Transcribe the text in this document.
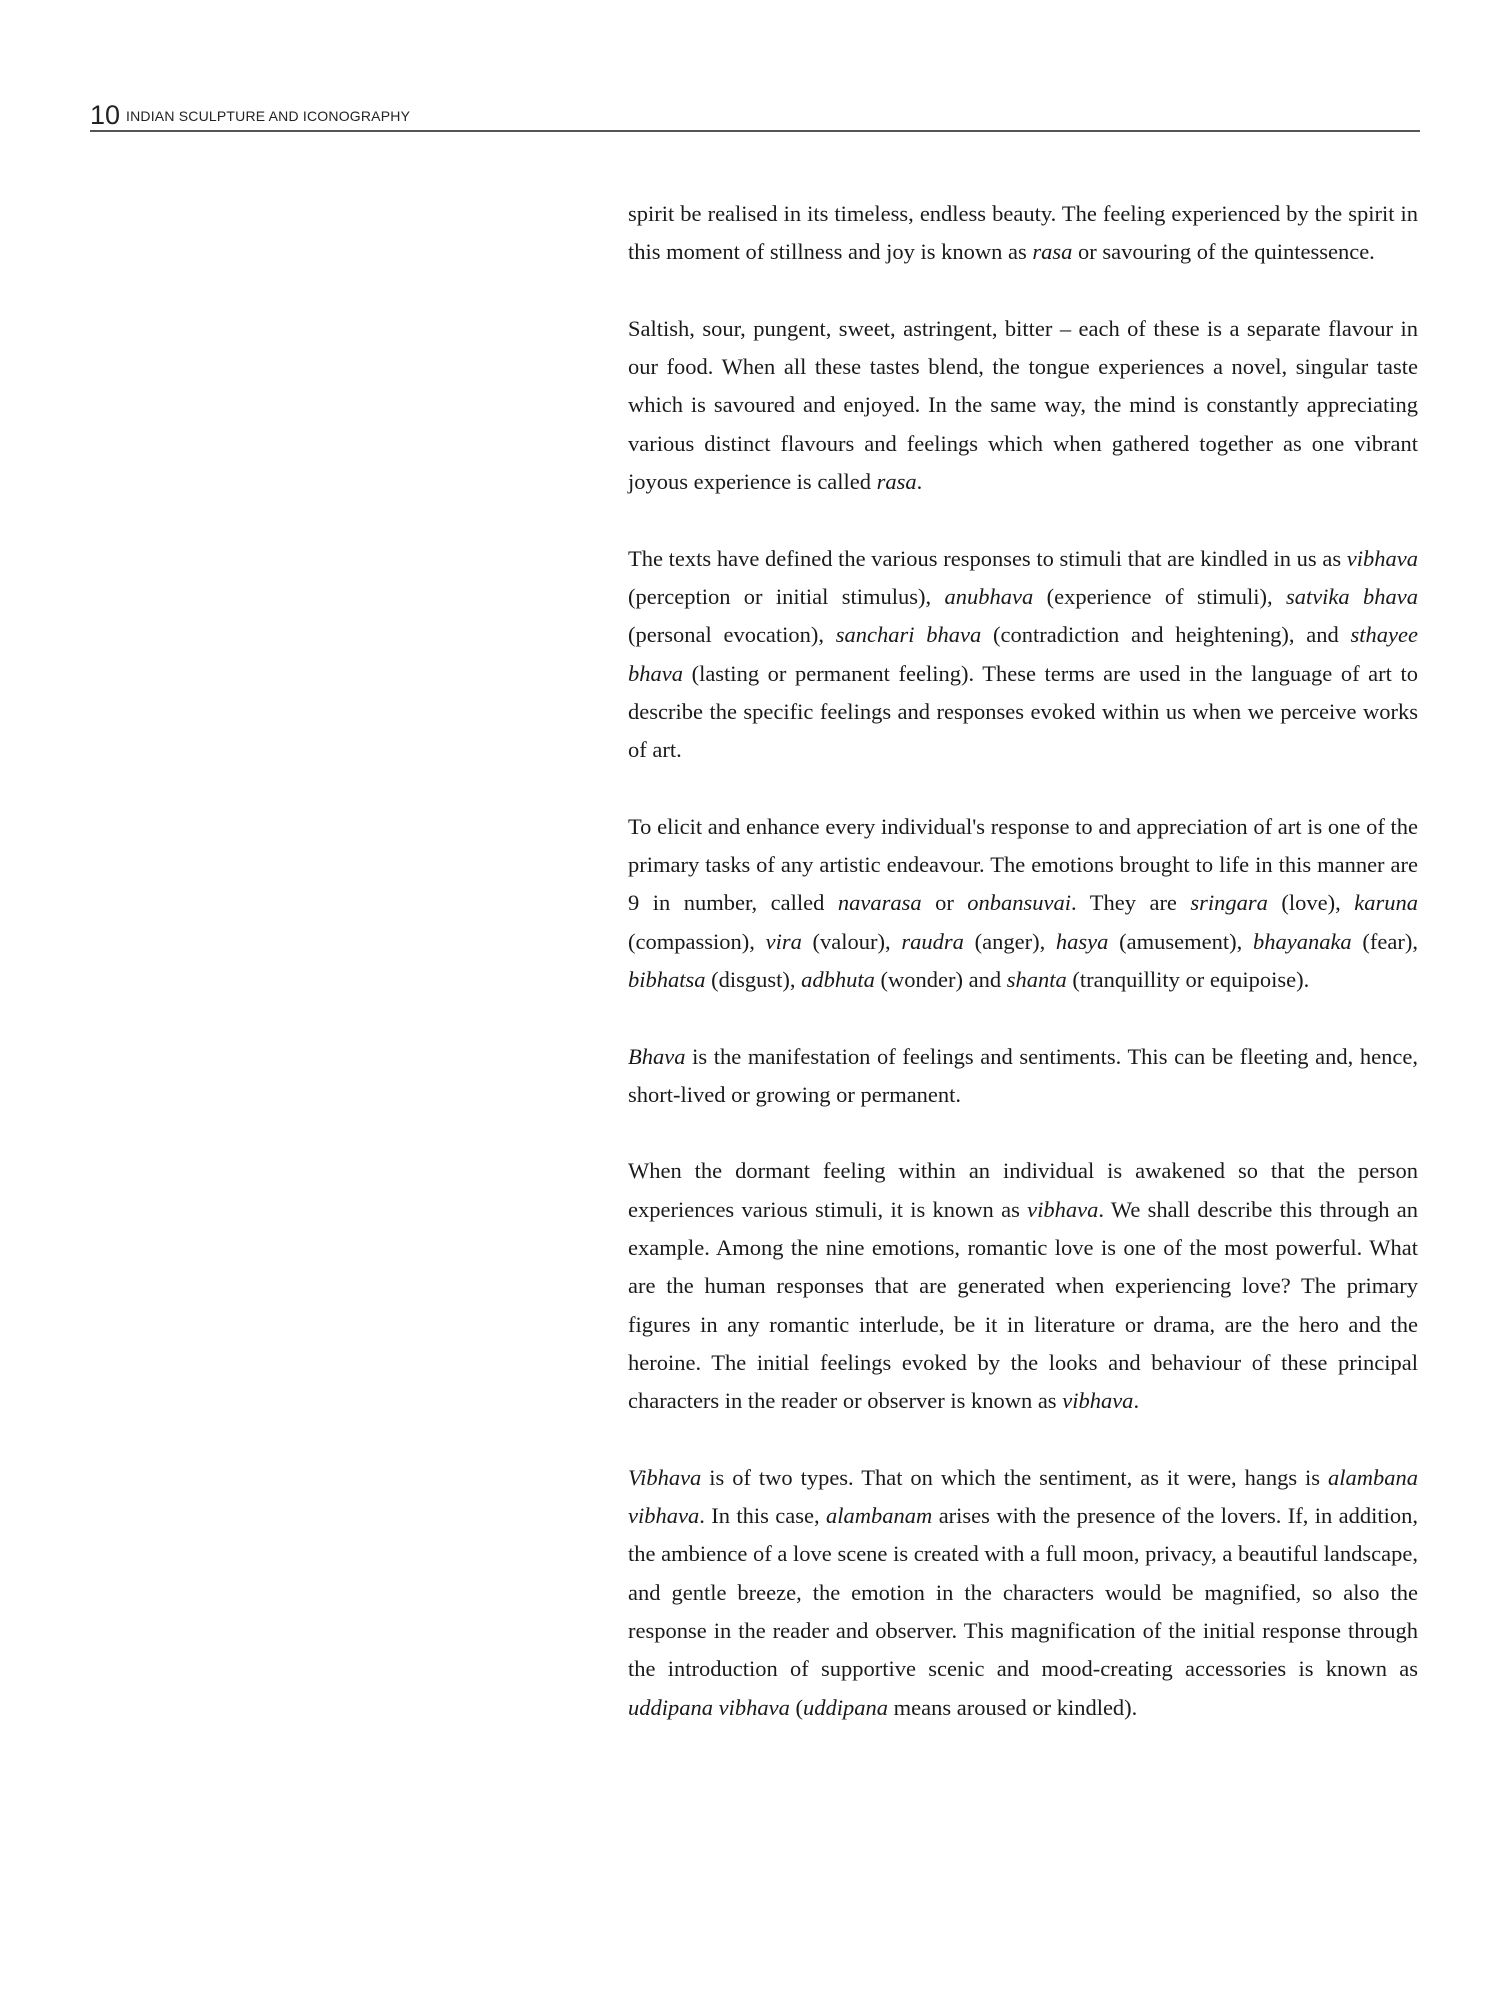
10 INDIAN SCULPTURE AND ICONOGRAPHY

spirit be realised in its timeless, endless beauty. The feeling experienced by the spirit in this moment of stillness and joy is known as rasa or savouring of the quintessence.

Saltish, sour, pungent, sweet, astringent, bitter – each of these is a separate flavour in our food. When all these tastes blend, the tongue experiences a novel, singular taste which is savoured and enjoyed. In the same way, the mind is constantly appreciating various distinct flavours and feelings which when gathered together as one vibrant joyous experience is called rasa.

The texts have defined the various responses to stimuli that are kindled in us as vibhava (perception or initial stimulus), anubhava (experience of stimuli), satvika bhava (personal evocation), sanchari bhava (contradiction and heightening), and sthayee bhava (lasting or permanent feeling). These terms are used in the language of art to describe the specific feelings and responses evoked within us when we perceive works of art.

To elicit and enhance every individual's response to and appreciation of art is one of the primary tasks of any artistic endeavour. The emotions brought to life in this manner are 9 in number, called navarasa or onbansuvai. They are sringara (love), karuna (compassion), vira (valour), raudra (anger), hasya (amusement), bhayanaka (fear), bibhatsa (disgust), adbhuta (wonder) and shanta (tranquillity or equipoise).

Bhava is the manifestation of feelings and sentiments. This can be fleeting and, hence, short-lived or growing or permanent.

When the dormant feeling within an individual is awakened so that the person experiences various stimuli, it is known as vibhava. We shall describe this through an example. Among the nine emotions, romantic love is one of the most powerful. What are the human responses that are generated when experiencing love? The primary figures in any romantic interlude, be it in literature or drama, are the hero and the heroine. The initial feelings evoked by the looks and behaviour of these principal characters in the reader or observer is known as vibhava.

Vibhava is of two types. That on which the sentiment, as it were, hangs is alambana vibhava. In this case, alambanam arises with the presence of the lovers. If, in addition, the ambience of a love scene is created with a full moon, privacy, a beautiful landscape, and gentle breeze, the emotion in the characters would be magnified, so also the response in the reader and observer. This magnification of the initial response through the introduction of supportive scenic and mood-creating accessories is known as uddipana vibhava (uddipana means aroused or kindled).
